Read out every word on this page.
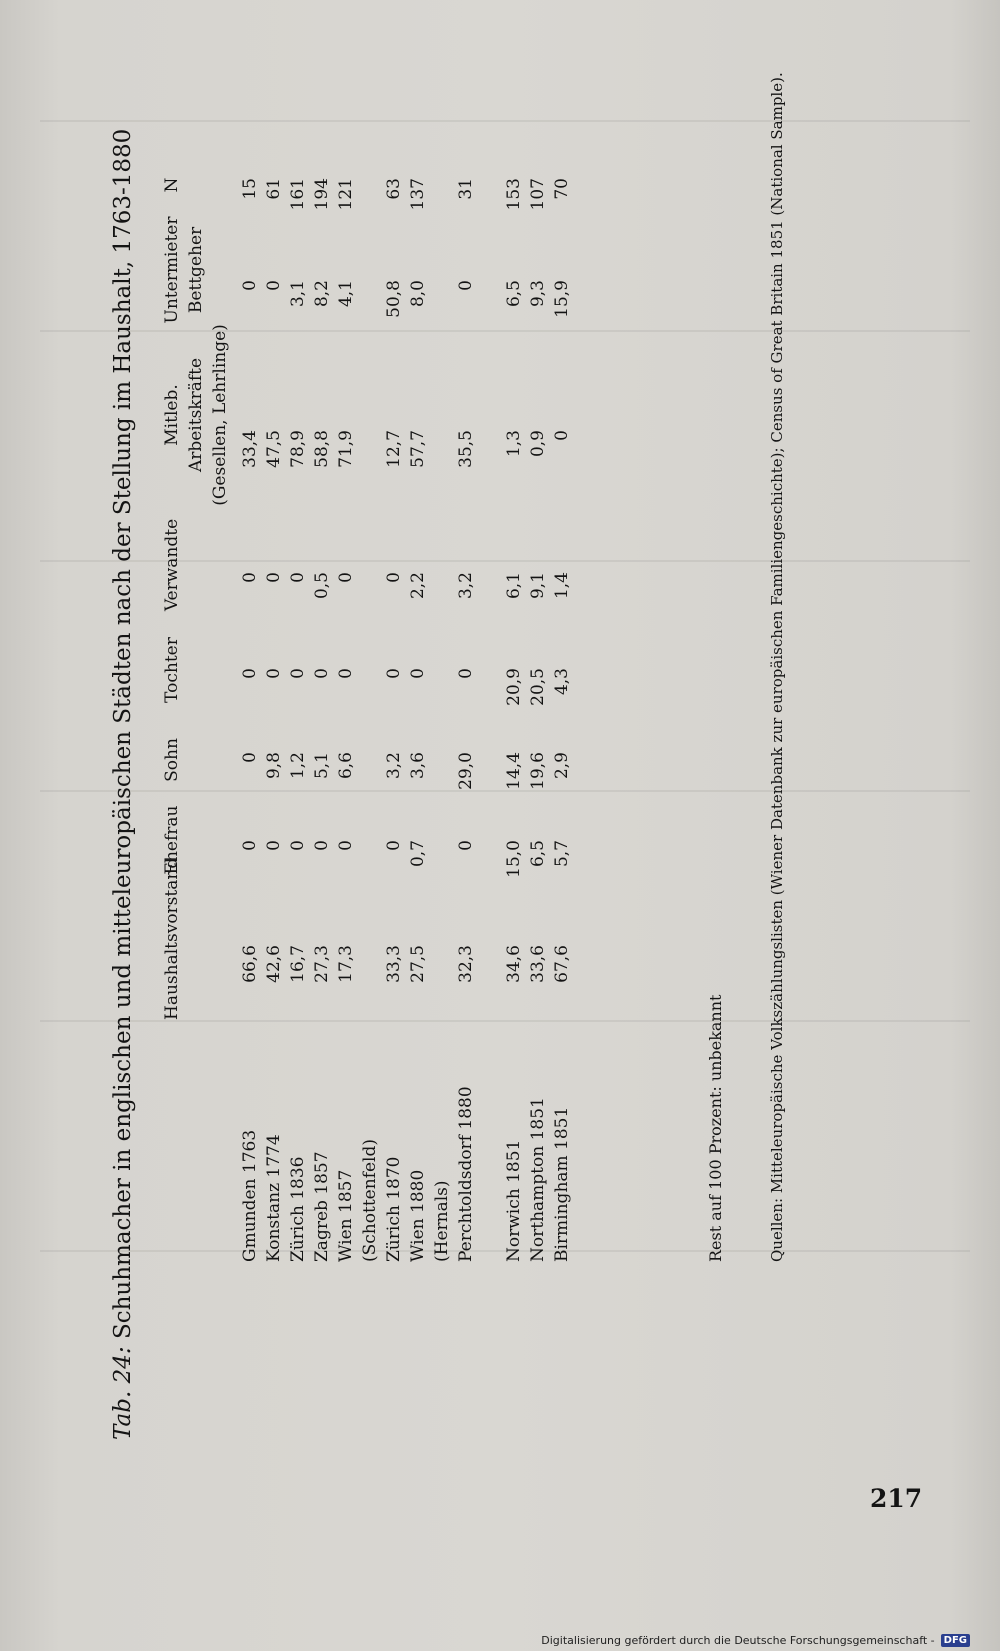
Tab. 24: Schuhmacher in englischen und mitteleuropäischen Städten nach der Stellung im Haushalt, 1763-1880 Haushaltsvorstand
Ehefrau
Sohn
Tochter
Verwandte
Mitleb. Arbeitskräfte (Gesellen, Lehrlinge)
Untermieter Bettgeher
N
Gmunden 1763
66,6
0
0
0
0
33,4
0
15
Konstanz 1774
42,6
0
9,8
0
0
47,5
0
61
Zürich 1836
16,7
0
1,2
0
0
78,9
3,1
161
Zagreb 1857
27,3
0
5,1
0
0,5
58,8
8,2
194
Wien 1857
17,3
0
6,6
0
0
71,9
4,1
121
(Schottenfeld) Zürich 1870
33,3
0
3,2
0
0
12,7
50,8
63
Wien 1880
27,5
0,7
3,6
0
2,2
57,7
8,0
137
(Hernals) Perchtoldsdorf 1880
32,3
0
29,0
0
3,2
35,5
0
31
Norwich 1851
34,6
15,0
14,4
20,9
6,1
1,3
6,5
153
Northampton 1851
33,6
6,5
19,6
20,5
9,1
0,9
9,3
107
Birmingham 1851
67,6
5,7
2,9
4,3
1,4
0
15,9
70
Rest auf 100 Prozent: unbekannt	Quellen: Mitteleuropäische Volkszählungslisten (Wiener Datenbank zur europäischen Familiengeschichte); Census of Great Britain 1851 (National Sample).
217
Digitalisierung gefördert durch die Deutsche Forschungsgemeinschaft - DFG
